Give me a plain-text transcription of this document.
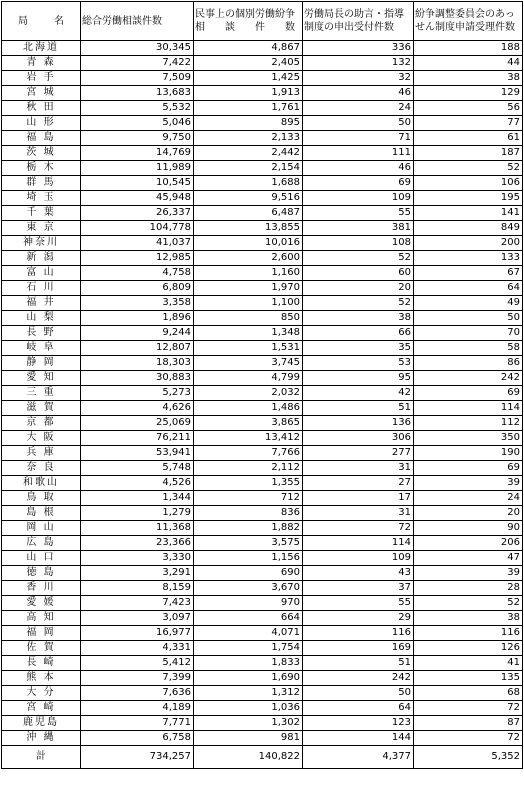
局　名	総合労働相談件数	民事上の個別労働紛争相　　談　　件　　数	労働局長の助言・指導制度の申出受付件数	紛争調整委員会のあっせん制度申請受理件数
北海道	30,345	4,867	336	188
青 森	7,422	2,405	132	44
岩 手	7,509	1,425	32	38
宮 城	13,683	1,913	46	129
秋 田	5,532	1,761	24	56
山 形	5,046	895	50	77
福 島	9,750	2,133	71	61
茨 城	14,769	2,442	111	187
栃 木	11,989	2,154	46	52
群 馬	10,545	1,688	69	106
埼 玉	45,948	9,516	109	195
千 葉	26,337	6,487	55	141
東 京	104,778	13,855	381	849
神奈川	41,037	10,016	108	200
新 潟	12,985	2,600	52	133
富 山	4,758	1,160	60	67
石 川	6,809	1,970	20	64
福 井	3,358	1,100	52	49
山 梨	1,896	850	38	50
長 野	9,244	1,348	66	70
岐 阜	12,807	1,531	35	58
静 岡	18,303	3,745	53	86
愛 知	30,883	4,799	95	242
三 重	5,273	2,032	42	69
滋 賀	4,626	1,486	51	114
京 都	25,069	3,865	136	112
大 阪	76,211	13,412	306	350
兵 庫	53,941	7,766	277	190
奈 良	5,748	2,112	31	69
和歌山	4,526	1,355	27	39
鳥 取	1,344	712	17	24
島 根	1,279	836	31	20
岡 山	11,368	1,882	72	90
広 島	23,366	3,575	114	206
山 口	3,330	1,156	109	47
徳 島	3,291	690	43	39
香 川	8,159	3,670	37	28
愛 媛	7,423	970	55	52
高 知	3,097	664	29	38
福 岡	16,977	4,071	116	116
佐 賀	4,331	1,754	169	126
長 崎	5,412	1,833	51	41
熊 本	7,399	1,690	242	135
大 分	7,636	1,312	50	68
宮 崎	4,189	1,036	64	72
鹿児島	7,771	1,302	123	87
沖 縄	6,758	981	144	72
計	734,257	140,822	4,377	5,352
